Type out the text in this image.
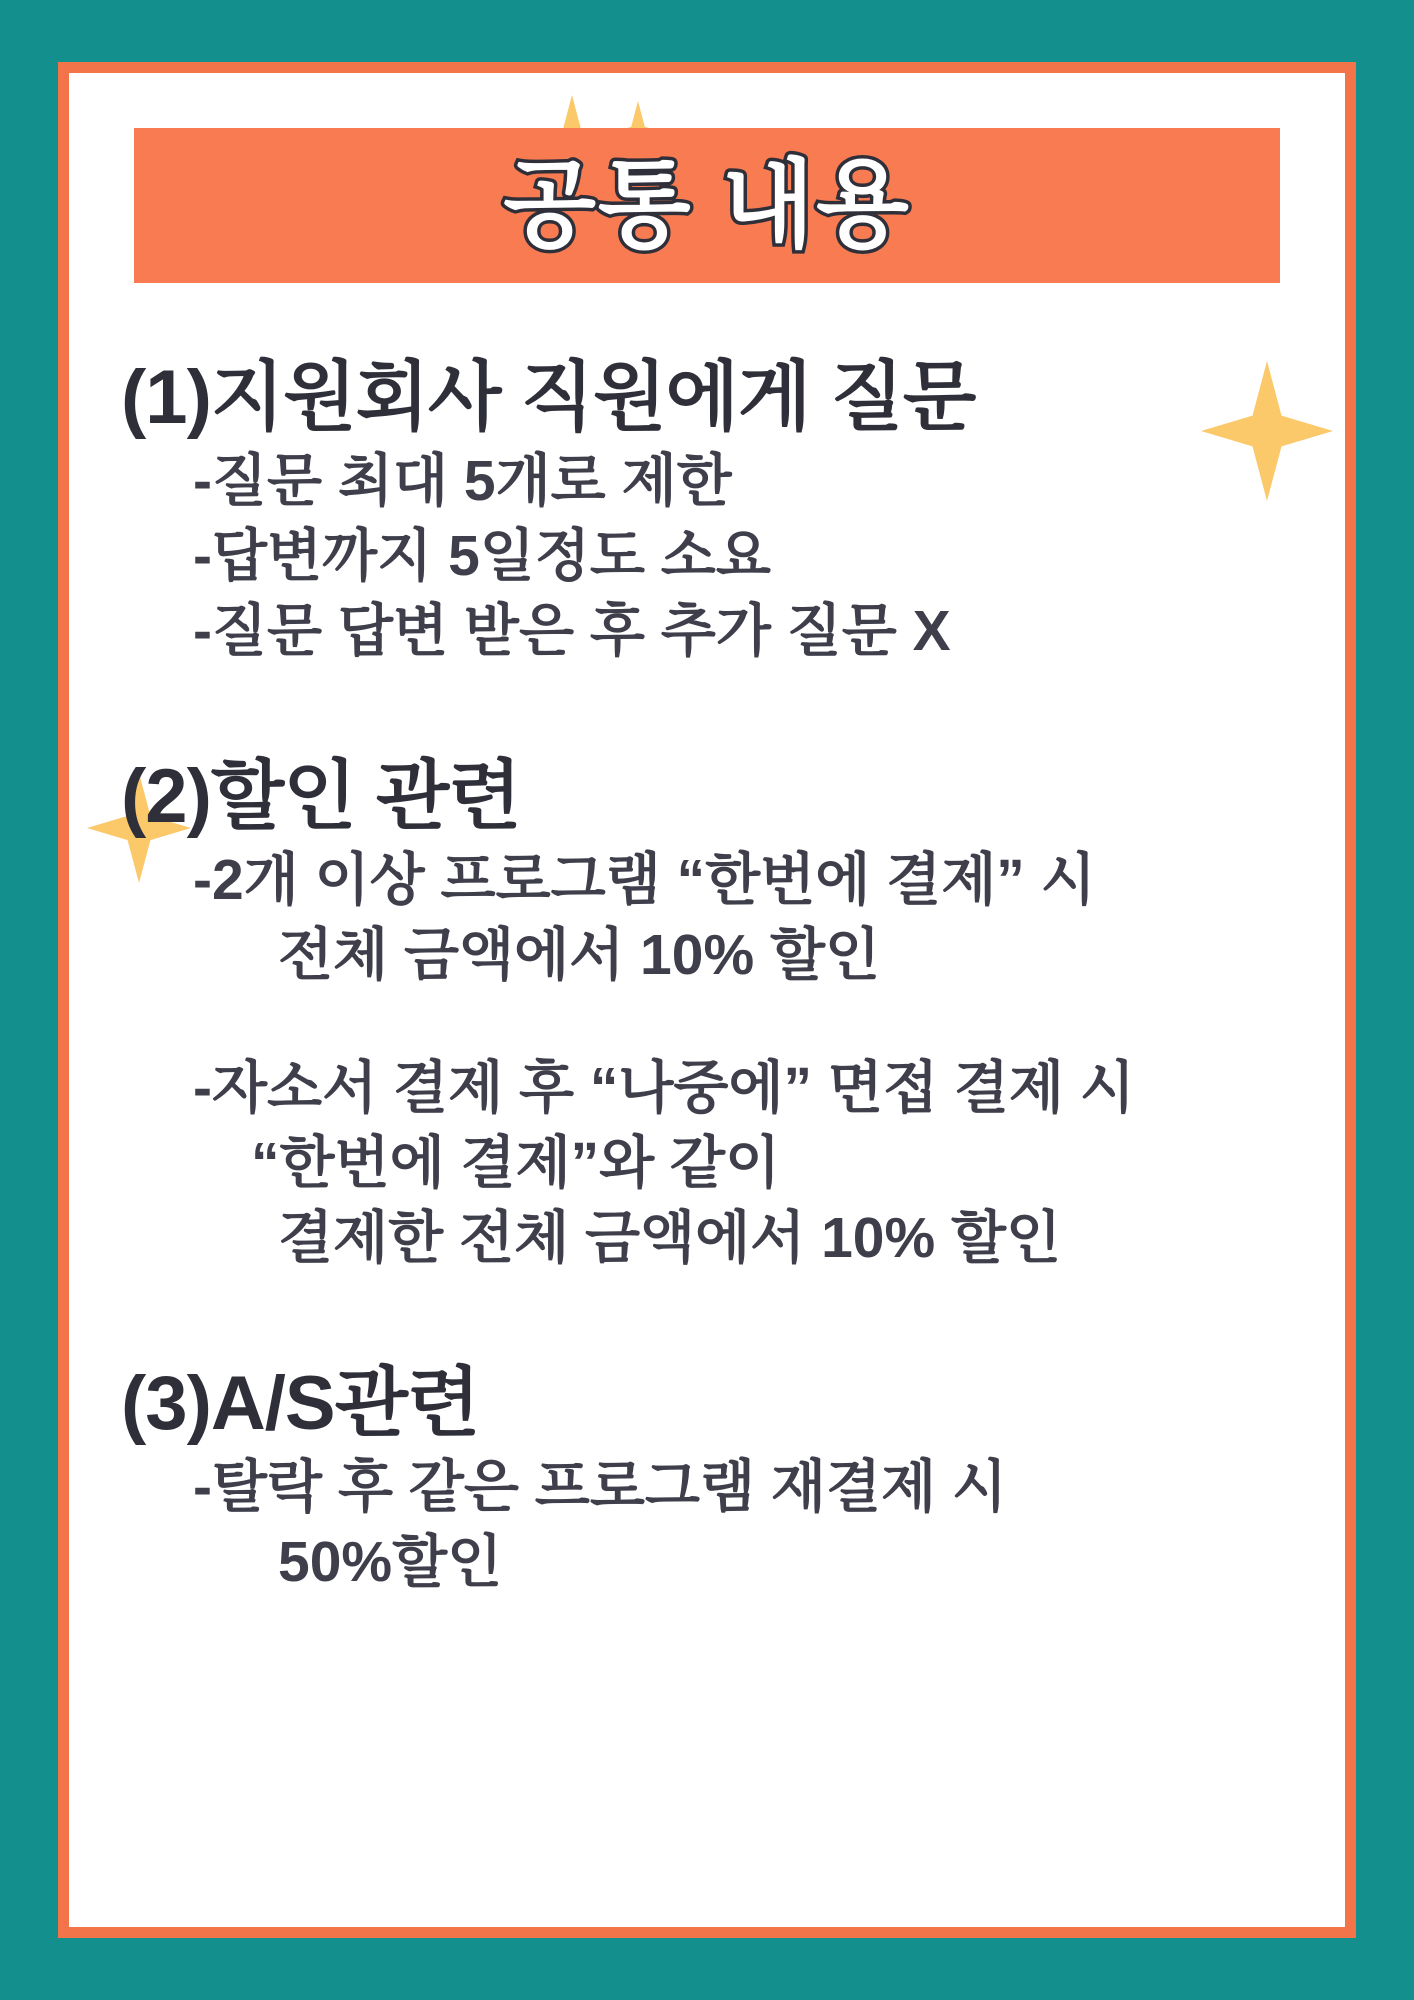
공통 내용
(1)지원회사 직원에게 질문
-질문 최대 5개로 제한
-답변까지 5일정도 소요
-질문 답변 받은 후 추가 질문 X
(2)할인 관련
-2개 이상 프로그램 “한번에 결제” 시
전체 금액에서 10% 할인
-자소서 결제 후 “나중에” 면접 결제 시
“한번에 결제”와 같이
결제한 전체 금액에서 10% 할인
(3)A/S관련
-탈락 후 같은 프로그램 재결제 시
50%할인
